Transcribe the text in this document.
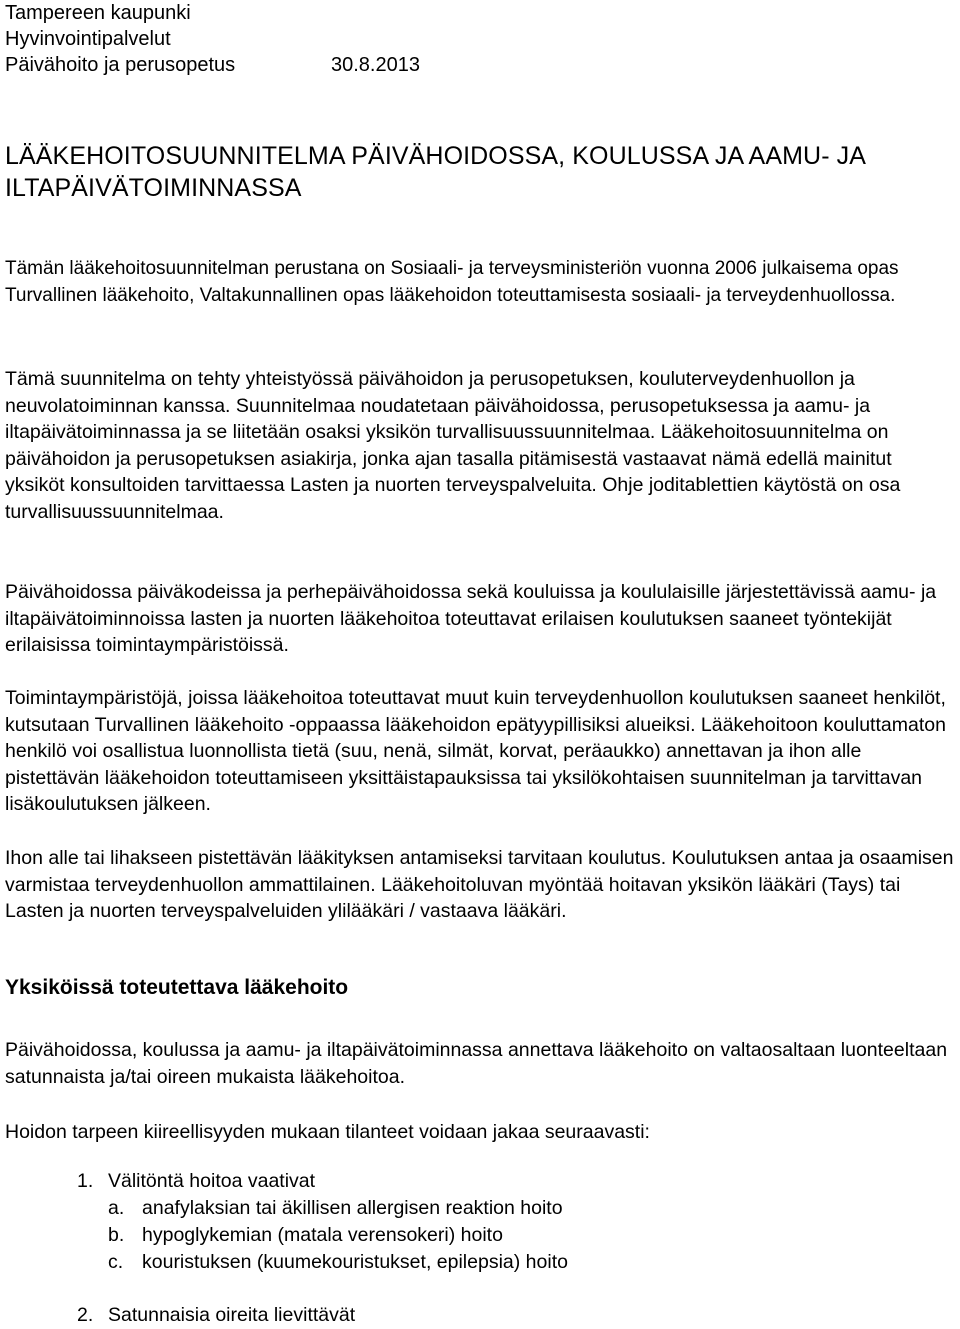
Tampereen kaupunki
Hyvinvointipalvelut
Päivähoito ja perusopetus	30.8.2013
LÄÄKEHOITOSUUNNITELMA PÄIVÄHOIDOSSA, KOULUSSA JA AAMU- JA ILTAPÄIVÄTOIMINNASSA

Tämän lääkehoitosuunnitelman perustana on Sosiaali- ja terveysministeriön vuonna 2006 julkaisema opas Turvallinen lääkehoito, Valtakunnallinen opas lääkehoidon toteuttamisesta sosiaali- ja terveydenhuollossa.

Tämä suunnitelma on tehty yhteistyössä päivähoidon ja perusopetuksen, kouluterveydenhuollon ja neuvolatoiminnan kanssa. Suunnitelmaa noudatetaan päivähoidossa, perusopetuksessa ja aamu- ja iltapäivätoiminnassa ja se liitetään osaksi yksikön turvallisuussuunnitelmaa. Lääkehoitosuunnitelma on päivähoidon ja perusopetuksen asiakirja, jonka ajan tasalla pitämisestä vastaavat nämä edellä mainitut yksiköt konsultoiden tarvittaessa Lasten ja nuorten terveyspalveluita. Ohje joditablettien käytöstä on osa turvallisuussuunnitelmaa.

Päivähoidossa päiväkodeissa ja perhepäivähoidossa sekä kouluissa ja koululaisille järjestettävissä aamu- ja iltapäivätoiminnoissa lasten ja nuorten lääkehoitoa toteuttavat erilaisen koulutuksen saaneet työntekijät erilaisissa toimintaympäristöissä.

Toimintaympäristöjä, joissa lääkehoitoa toteuttavat muut kuin terveydenhuollon koulutuksen saaneet henkilöt, kutsutaan Turvallinen lääkehoito -oppaassa lääkehoidon epätyypillisiksi alueiksi. Lääkehoitoon kouluttamaton henkilö voi osallistua luonnollista tietä (suu, nenä, silmät, korvat, peräaukko) annettavan ja ihon alle pistettävän lääkehoidon toteuttamiseen yksittäistapauksissa tai yksilökohtaisen suunnitelman ja tarvittavan lisäkoulutuksen jälkeen.

Ihon alle tai lihakseen pistettävän lääkityksen antamiseksi tarvitaan koulutus. Koulutuksen antaa ja osaamisen varmistaa terveydenhuollon ammattilainen. Lääkehoitoluvan myöntää hoitavan yksikön lääkäri (Tays) tai Lasten ja nuorten terveyspalveluiden ylilääkäri / vastaava lääkäri.

Yksiköissä toteutettava lääkehoito

Päivähoidossa, koulussa ja aamu- ja iltapäivätoiminnassa annettava lääkehoito on valtaosaltaan luonteeltaan satunnaista ja/tai oireen mukaista lääkehoitoa.

Hoidon tarpeen kiireellisyyden mukaan tilanteet voidaan jakaa seuraavasti:

1. Välitöntä hoitoa vaativat
a. anafylaksian tai äkillisen allergisen reaktion hoito
b. hypoglykemian (matala verensokeri) hoito
c. kouristuksen (kuumekouristukset, epilepsia) hoito
2. Satunnaisia oireita lievittävät
